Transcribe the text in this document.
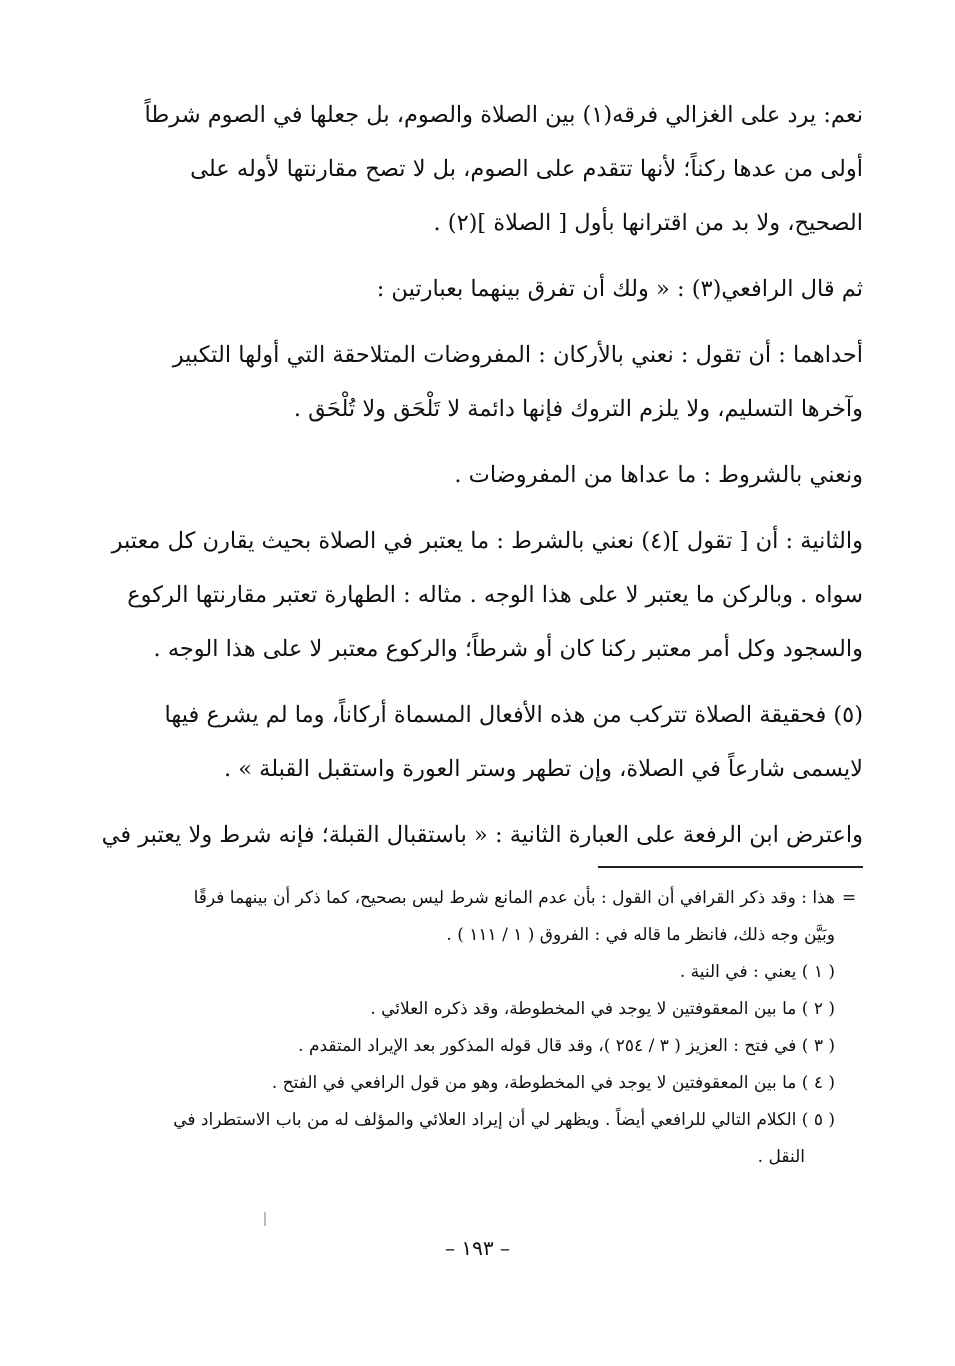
نعم: يرد على الغزالي فرقه(١) بين الصلاة والصوم، بل جعلها في الصوم شرطاً
أولى من عدها ركناً؛ لأنها تتقدم على الصوم، بل لا تصح مقارنتها لأوله على
الصحيح، ولا بد من اقترانها بأول [ الصلاة ](٢) .

ثم قال الرافعي(٣) : « ولك أن تفرق بينهما بعبارتين :

أحداهما : أن تقول : نعني بالأركان : المفروضات المتلاحقة التي أولها التكبير
وآخرها التسليم، ولا يلزم التروك فإنها دائمة لا تَلْحَق ولا تُلْحَق .

ونعني بالشروط : ما عداها من المفروضات .

والثانية : أن [ تقول ](٤) نعني بالشرط : ما يعتبر في الصلاة بحيث يقارن كل معتبر
سواه . وبالركن ما يعتبر لا على هذا الوجه . مثاله : الطهارة تعتبر مقارنتها الركوع
والسجود وكل أمر معتبر ركنا كان أو شرطاً؛ والركوع معتبر لا على هذا الوجه .

(٥) فحقيقة الصلاة تتركب من هذه الأفعال المسماة أركاناً، وما لم يشرع فيها
لايسمى شارعاً في الصلاة، وإن تطهر وستر العورة واستقبل القبلة » .

واعترض ابن الرفعة على العبارة الثانية : « باستقبال القبلة؛ فإنه شرط ولا يعتبر في

=هذا : وقد ذكر القرافي أن القول : بأن عدم المانع شرط ليس بصحيح، كما ذكر أن بينهما فرقًا

وبَيَّن وجه ذلك، فانظر ما قاله في : الفروق ( ١ / ١١١ ) .

( ١ ) يعني : في النية .

( ٢ ) ما بين المعقوفتين لا يوجد في المخطوطة، وقد ذكره العلائي .

( ٣ ) في فتح : العزيز ( ٣ / ٢٥٤ )، وقد قال قوله المذكور بعد الإيراد المتقدم .

( ٤ ) ما بين المعقوفتين لا يوجد في المخطوطة، وهو من قول الرافعي في الفتح .

( ٥ ) الكلام التالي للرافعي أيضاً . ويظهر لي أن إيراد العلائي والمؤلف له من باب الاستطراد في

النقل .

– ١٩٣ –
